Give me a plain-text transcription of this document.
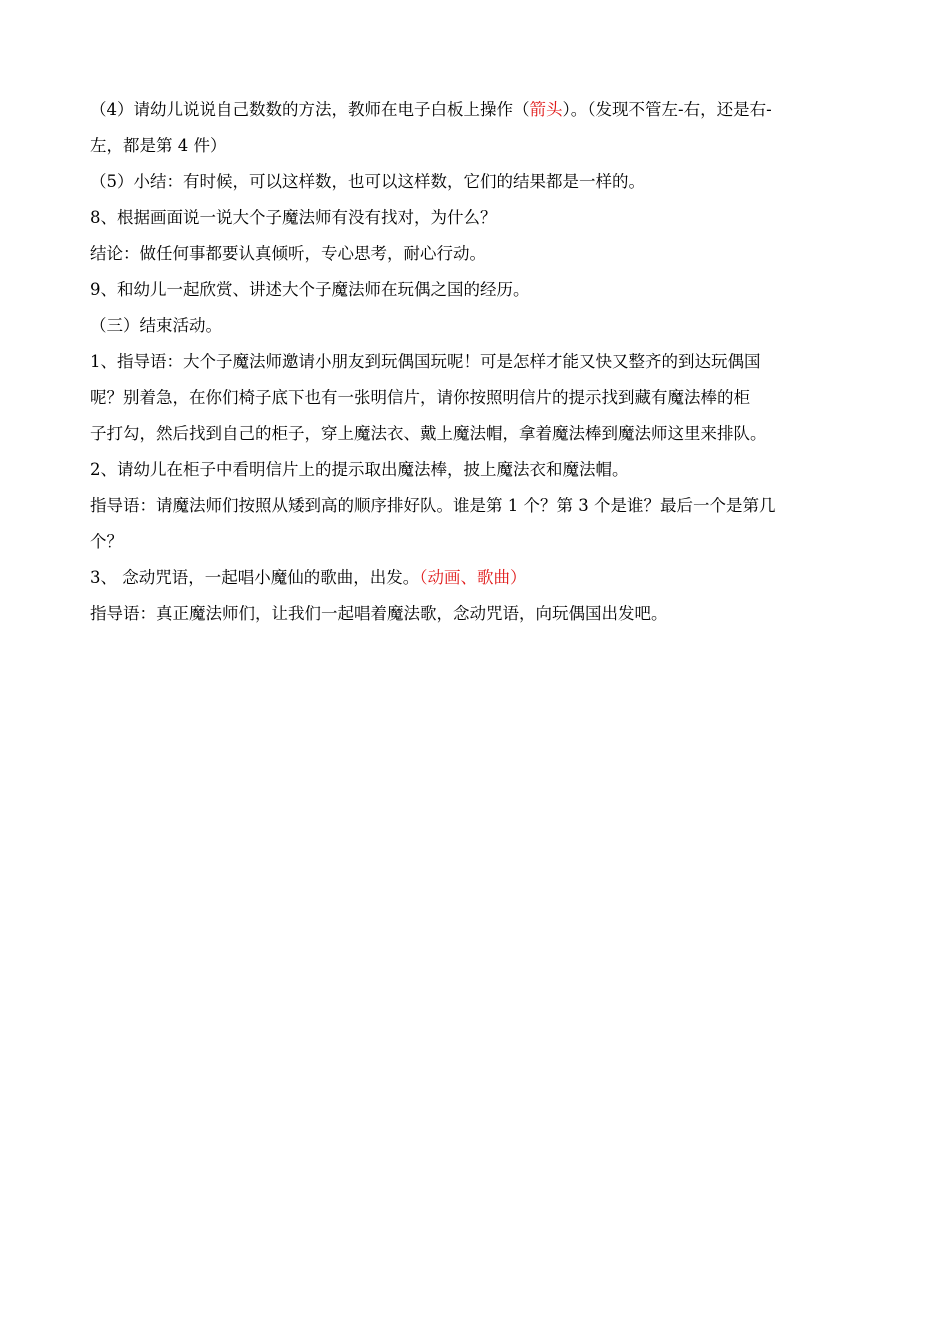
（4）请幼儿说说自己数数的方法，教师在电子白板上操作（箭头）。（发现不管左-右，还是右-

左，都是第 4 件）

（5）小结：有时候，可以这样数，也可以这样数，它们的结果都是一样的。

8、根据画面说一说大个子魔法师有没有找对，为什么？

结论：做任何事都要认真倾听，专心思考，耐心行动。

9、和幼儿一起欣赏、讲述大个子魔法师在玩偶之国的经历。

（三）结束活动。

1、指导语：大个子魔法师邀请小朋友到玩偶国玩呢！可是怎样才能又快又整齐的到达玩偶国

呢？别着急，在你们椅子底下也有一张明信片，请你按照明信片的提示找到藏有魔法棒的柜

子打勾，然后找到自己的柜子，穿上魔法衣、戴上魔法帽，拿着魔法棒到魔法师这里来排队。

2、请幼儿在柜子中看明信片上的提示取出魔法棒，披上魔法衣和魔法帽。

指导语：请魔法师们按照从矮到高的顺序排好队。谁是第 1 个？第 3 个是谁？最后一个是第几

个？

3、 念动咒语，一起唱小魔仙的歌曲，出发。（动画、歌曲）

指导语：真正魔法师们，让我们一起唱着魔法歌，念动咒语，向玩偶国出发吧。
